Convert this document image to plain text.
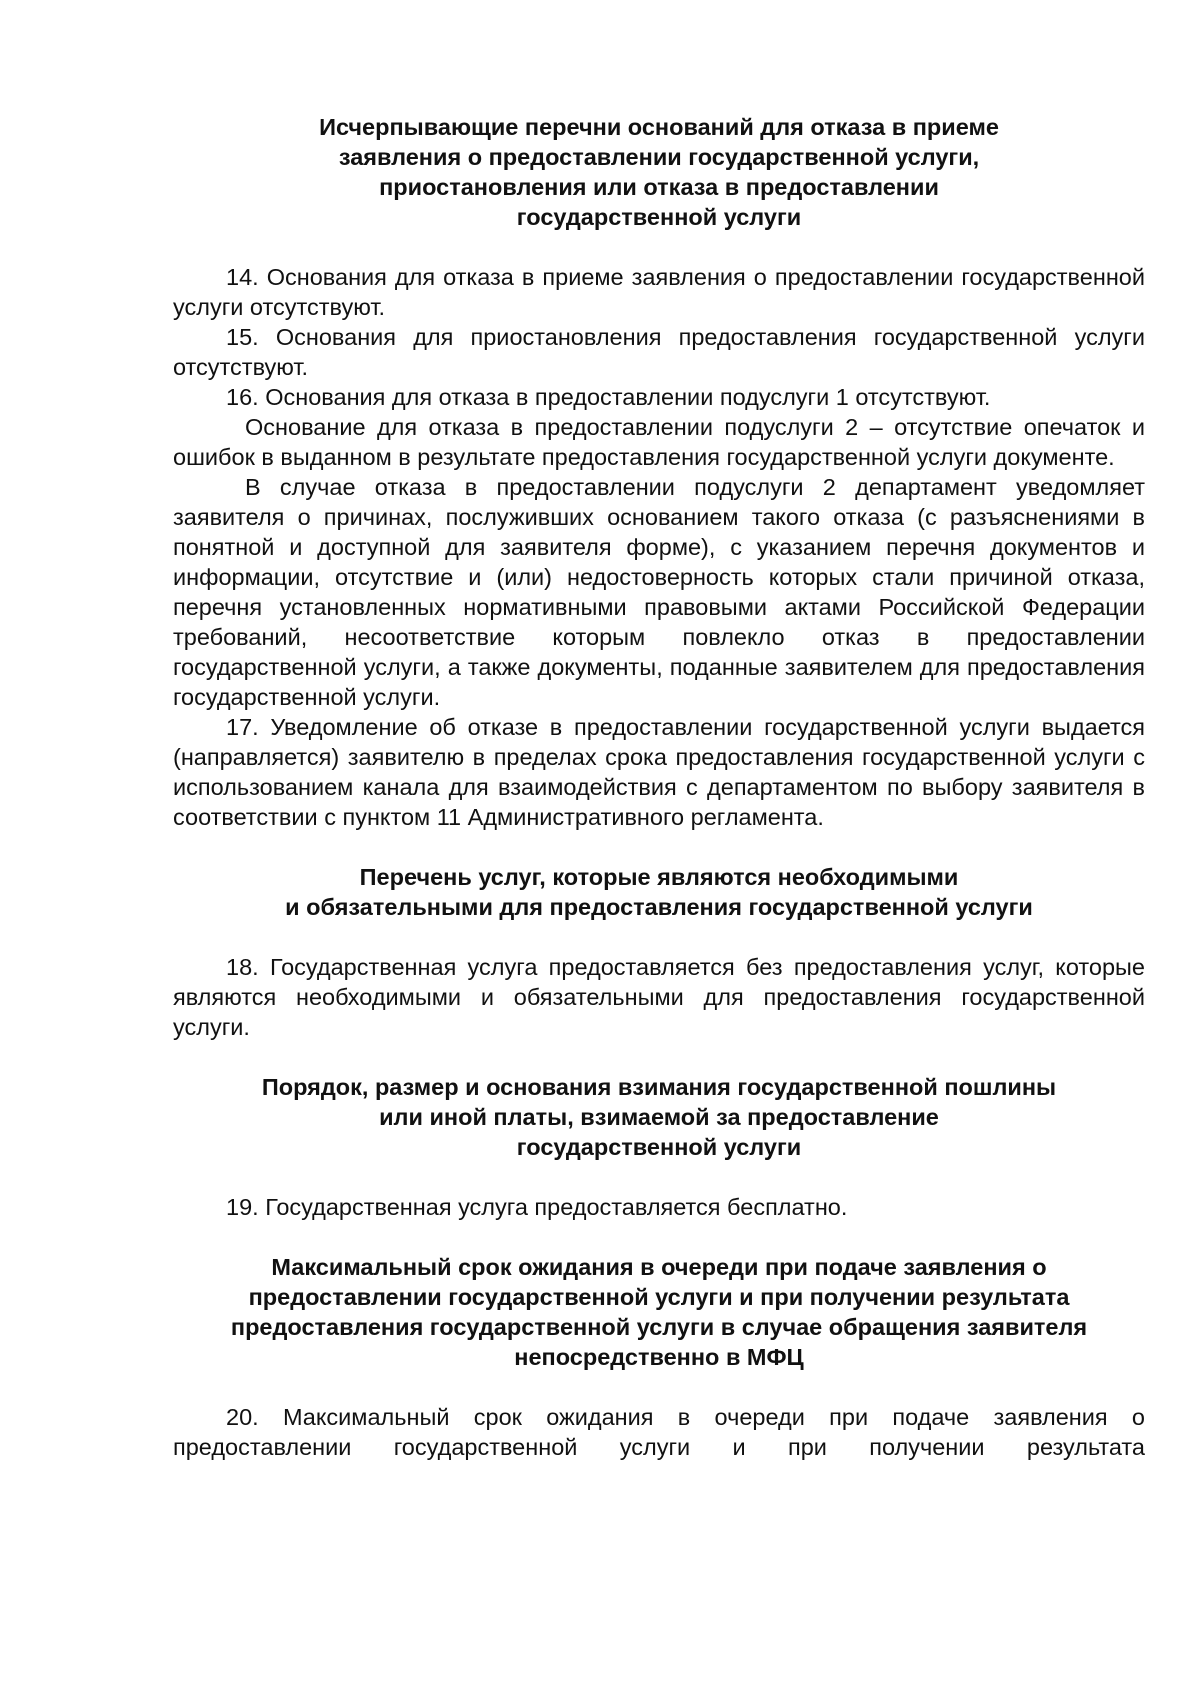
Исчерпывающие перечни оснований для отказа в приеме
заявления о предоставлении государственной услуги,
приостановления или отказа в предоставлении
государственной услуги

14. Основания для отказа в приеме заявления о предоставлении государственной услуги отсутствуют.

15. Основания для приостановления предоставления государственной услуги отсутствуют.

16. Основания для отказа в предоставлении подуслуги 1 отсутствуют.

Основание для отказа в предоставлении подуслуги 2 – отсутствие опечаток и ошибок в выданном в результате предоставления государственной услуги документе.

В случае отказа в предоставлении подуслуги 2 департамент уведомляет заявителя о причинах, послуживших основанием такого отказа (с разъяснениями в понятной и доступной для заявителя форме), с указанием перечня документов и информации, отсутствие и (или) недостоверность которых стали причиной отказа, перечня установленных нормативными правовыми актами Российской Федерации требований, несоответствие которым повлекло отказ в предоставлении государственной услуги, а также документы, поданные заявителем для предоставления государственной услуги.

17. Уведомление об отказе в предоставлении государственной услуги выдается (направляется) заявителю в пределах срока предоставления государственной услуги с использованием канала для взаимодействия с департаментом по выбору заявителя в соответствии с пунктом 11 Административного регламента.

Перечень услуг, которые являются необходимыми
и обязательными для предоставления государственной услуги

18. Государственная услуга предоставляется без предоставления услуг, которые являются необходимыми и обязательными для предоставления государственной услуги.

Порядок, размер и основания взимания государственной пошлины
или иной платы, взимаемой за предоставление
государственной услуги

19. Государственная услуга предоставляется бесплатно.

Максимальный срок ожидания в очереди при подаче заявления о
предоставлении государственной услуги и при получении результата
предоставления государственной услуги в случае обращения заявителя
непосредственно в МФЦ

20. Максимальный срок ожидания в очереди при подаче заявления о предоставлении государственной услуги и при получении результата
